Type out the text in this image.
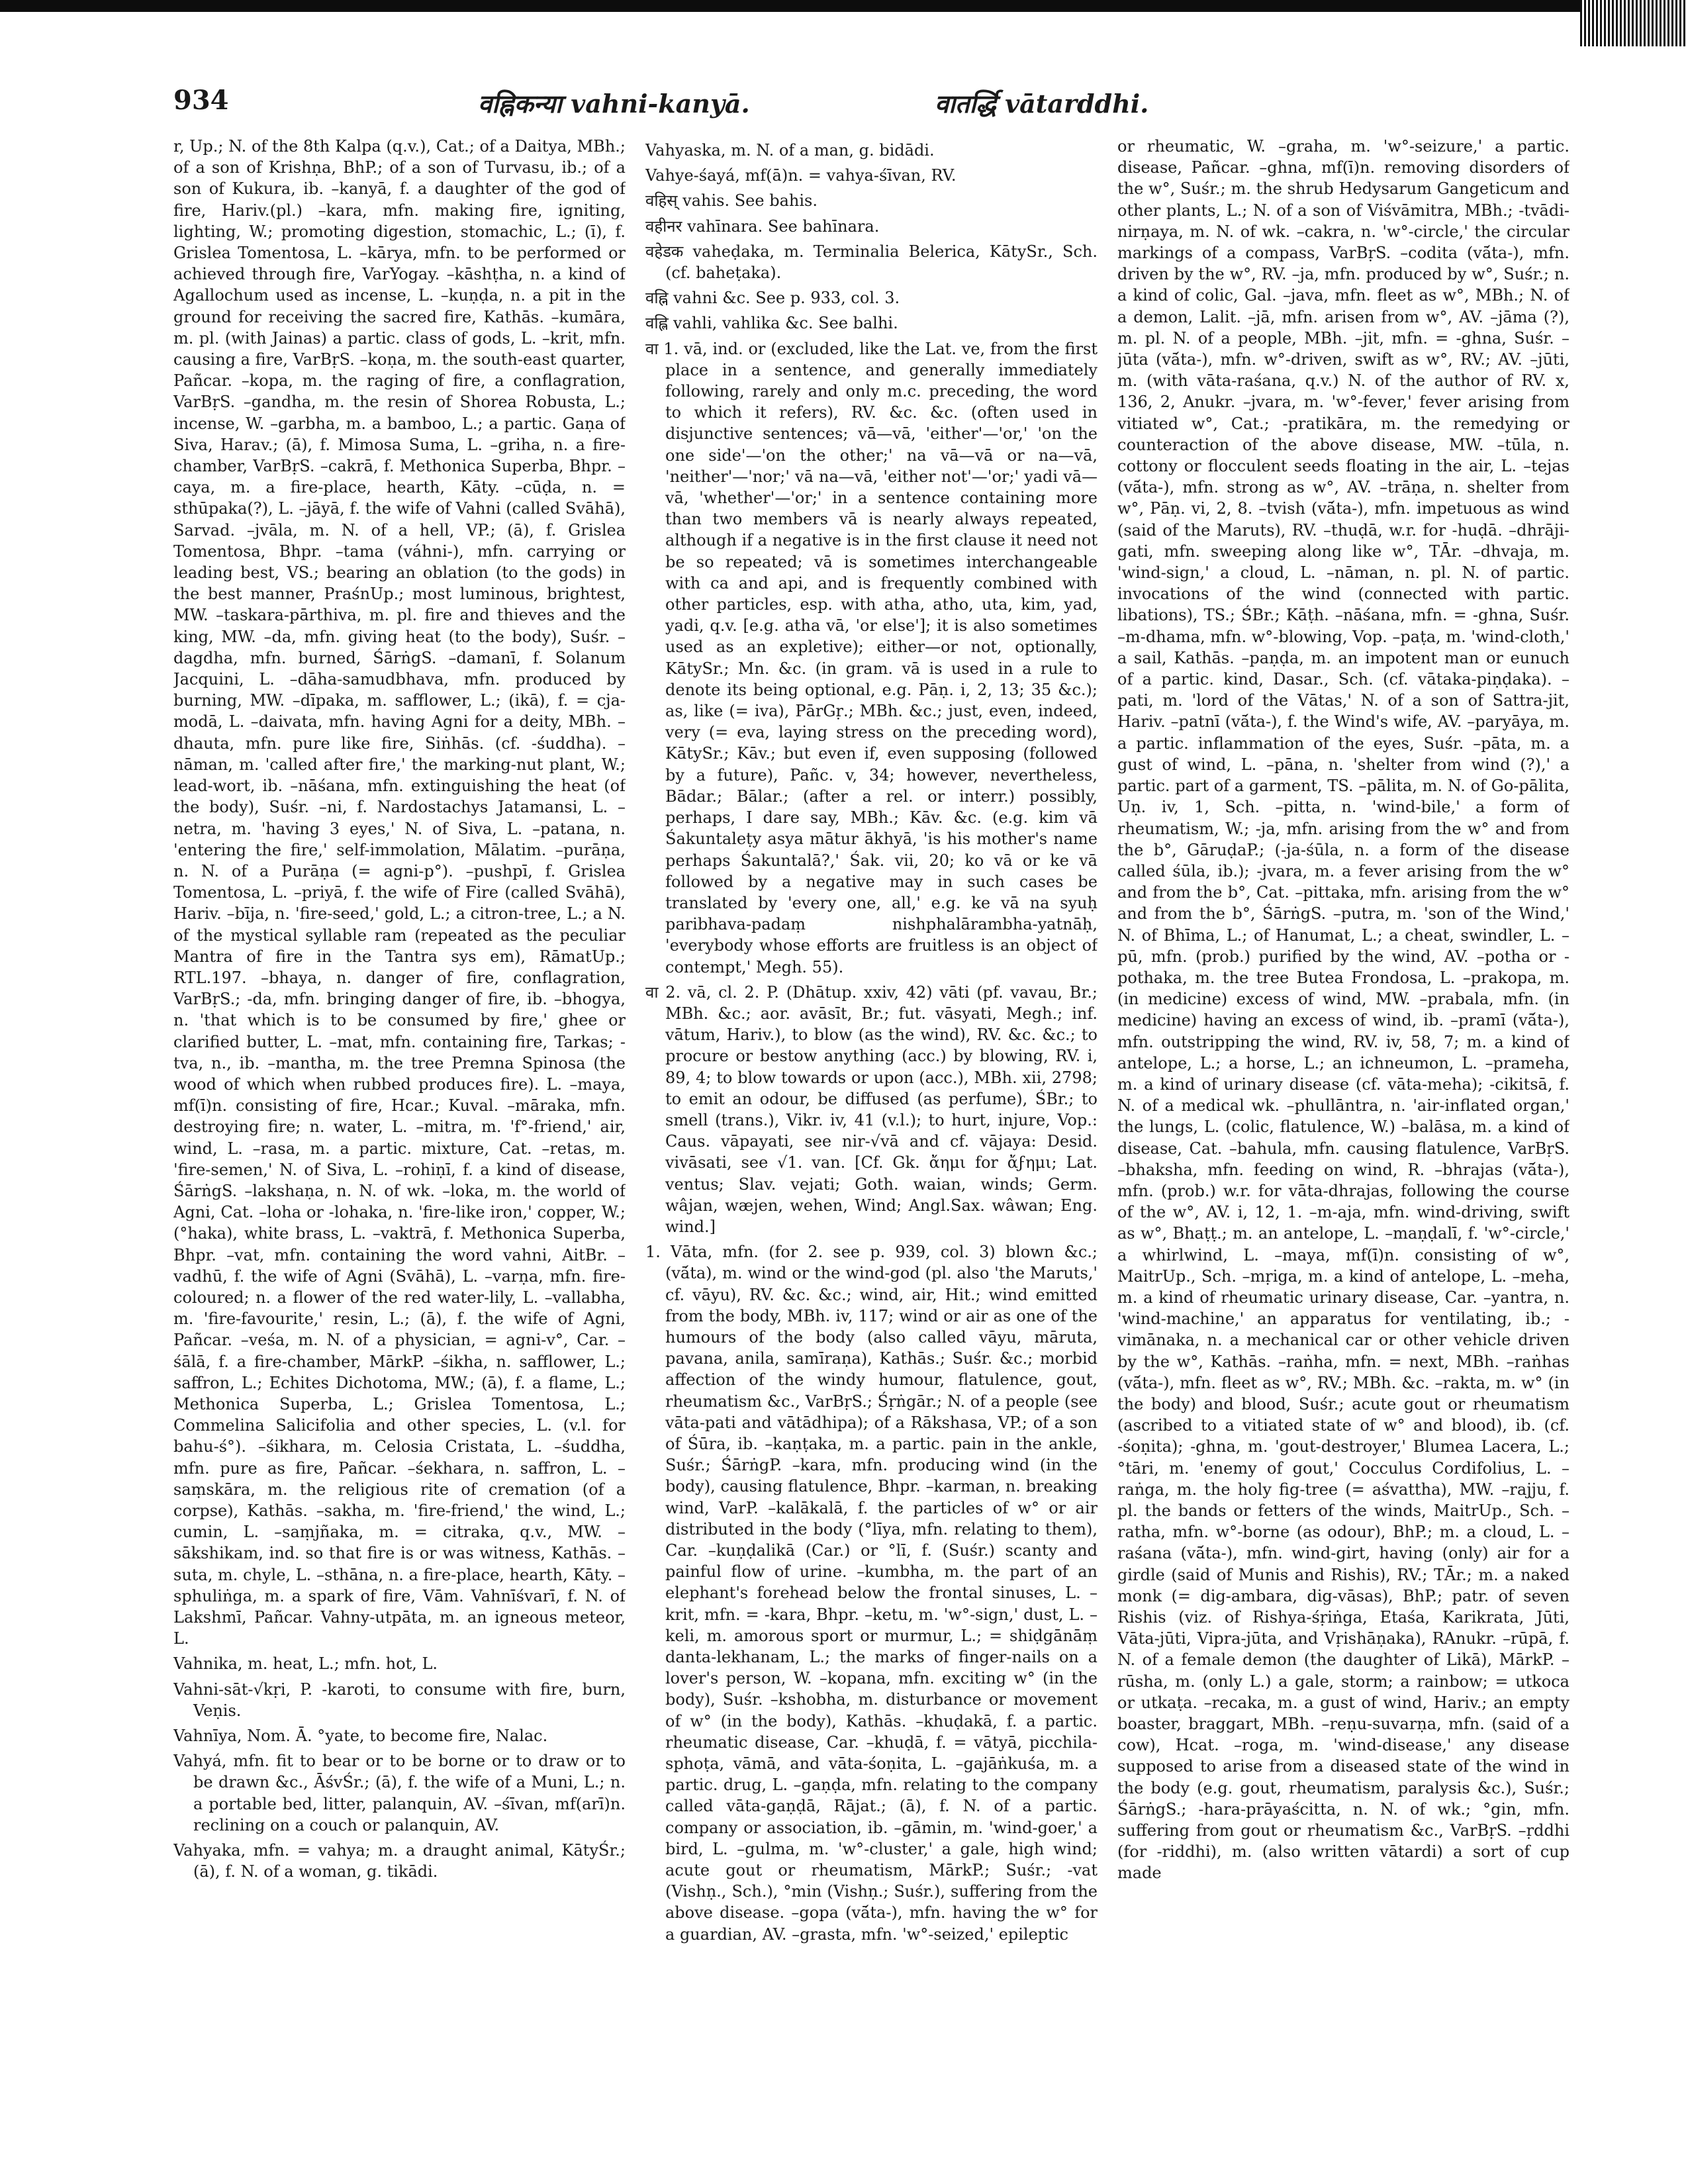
934	वह्निकन्या vahni-kanyā.	वातर्द्धि vātarddhi.

r, Up.; N. of the 8th Kalpa (q.v.), Cat.; of a Daitya, MBh.; of a son of Krishṇa, BhP.; of a son of Turvasu, ib.; of a son of Kukura, ib. –kanyā, f. a daughter of the god of fire, Hariv.(pl.) –kara, mfn. making fire, igniting, lighting, W.; promoting digestion, stomachic, L.; (ī), f. Grislea Tomentosa, L. –kārya, mfn. to be performed or achieved through fire, VarYogay. –kāshṭha, n. a kind of Agallochum used as incense, L. –kuṇḍa, n. a pit in the ground for receiving the sacred fire, Kathās. –kumāra, m. pl. (with Jainas) a partic. class of gods, L. –krit, mfn. causing a fire, VarBṛS. –koṇa, m. the south-east quarter, Pañcar. –kopa, m. the raging of fire, a conflagration, VarBṛS. –gandha, m. the resin of Shorea Robusta, L.; incense, W. –garbha, m. a bamboo, L.; a partic. Gaṇa of Siva, Harav.; (ā), f. Mimosa Suma, L. –griha, n. a fire-chamber, VarBṛS. –cakrā, f. Methonica Superba, Bhpr. –caya, m. a fire-place, hearth, Kāty. –cūḍa, n. = sthūpaka(?), L. –jāyā, f. the wife of Vahni (called Svāhā), Sarvad. –jvāla, m. N. of a hell, VP.; (ā), f. Grislea Tomentosa, Bhpr. –tama (váhni-), mfn. carrying or leading best, VS.; bearing an oblation (to the gods) in the best manner, PraśnUp.; most luminous, brightest, MW. –taskara-pārthiva, m. pl. fire and thieves and the king, MW. –da, mfn. giving heat (to the body), Suśr. –dagdha, mfn. burned, ŚārṅgS. –damanī, f. Solanum Jacquini, L. –dāha-samudbhava, mfn. produced by burning, MW. –dīpaka, m. safflower, L.; (ikā), f. = cja-modā, L. –daivata, mfn. having Agni for a deity, MBh. –dhauta, mfn. pure like fire, Siṅhās. (cf. -śuddha). –nāman, m. 'called after fire,' the marking-nut plant, W.; lead-wort, ib. –nāśana, mfn. extinguishing the heat (of the body), Suśr. –ni, f. Nardostachys Jatamansi, L. –netra, m. 'having 3 eyes,' N. of Siva, L. –patana, n. 'entering the fire,' self-immolation, Mālatim. –purāṇa, n. N. of a Purāṇa (= agni-p°). –pushpī, f. Grislea Tomentosa, L. –priyā, f. the wife of Fire (called Svāhā), Hariv. –bīja, n. 'fire-seed,' gold, L.; a citron-tree, L.; a N. of the mystical syllable ram (repeated as the peculiar Mantra of fire in the Tantra sys em), RāmatUp.; RTL.197. –bhaya, n. danger of fire, conflagration, VarBṛS.; -da, mfn. bringing danger of fire, ib. –bhogya, n. 'that which is to be consumed by fire,' ghee or clarified butter, L. –mat, mfn. containing fire, Tarkas; -tva, n., ib. –mantha, m. the tree Premna Spinosa (the wood of which when rubbed produces fire). L. –maya, mf(ī)n. consisting of fire, Hcar.; Kuval. –māraka, mfn. destroying fire; n. water, L. –mitra, m. 'f°-friend,' air, wind, L. –rasa, m. a partic. mixture, Cat. –retas, m. 'fire-semen,' N. of Siva, L. –rohiṇī, f. a kind of disease, ŚārṅgS. –lakshaṇa, n. N. of wk. –loka, m. the world of Agni, Cat. –loha or -lohaka, n. 'fire-like iron,' copper, W.; (°haka), white brass, L. –vaktrā, f. Methonica Superba, Bhpr. –vat, mfn. containing the word vahni, AitBr. –vadhū, f. the wife of Agni (Svāhā), L. –varṇa, mfn. fire-coloured; n. a flower of the red water-lily, L. –vallabha, m. 'fire-favourite,' resin, L.; (ā), f. the wife of Agni, Pañcar. –veśa, m. N. of a physician, = agni-v°, Car. –śālā, f. a fire-chamber, MārkP. –śikha, n. safflower, L.; saffron, L.; Echites Dichotoma, MW.; (ā), f. a flame, L.; Methonica Superba, L.; Grislea Tomentosa, L.; Commelina Salicifolia and other species, L. (v.l. for bahu-ś°). –śikhara, m. Celosia Cristata, L. –śuddha, mfn. pure as fire, Pañcar. –śekhara, n. saffron, L. –saṃskāra, m. the religious rite of cremation (of a corpse), Kathās. –sakha, m. 'fire-friend,' the wind, L.; cumin, L. –saṃjñaka, m. = citraka, q.v., MW. –sākshikam, ind. so that fire is or was witness, Kathās. –suta, m. chyle, L. –sthāna, n. a fire-place, hearth, Kāty. –sphuliṅga, m. a spark of fire, Vām. Vahnīśvarī, f. N. of Lakshmī, Pañcar. Vahny-utpāta, m. an igneous meteor, L.

Vahnika, m. heat, L.; mfn. hot, L.

Vahni-sāt-√kṛi, P. -karoti, to consume with fire, burn, Veṇis.

Vahnīya, Nom. Ā. °yate, to become fire, Nalac.

Vahyá, mfn. fit to bear or to be borne or to draw or to be drawn &c., ĀśvŚr.; (ā), f. the wife of a Muni, L.; n. a portable bed, litter, palanquin, AV. –śīvan, mf(arī)n. reclining on a couch or palanquin, AV.

Vahyaka, mfn. = vahya; m. a draught animal, KātyŚr.; (ā), f. N. of a woman, g. tikādi.

Vahyaska, m. N. of a man, g. bidādi.

Vahye-śayá, mf(ā)n. = vahya-śīvan, RV.

वहिस् vahis. See bahis.

वहीनर vahīnara. See bahīnara.

वहेडक vaheḍaka, m. Terminalia Belerica, KātySr., Sch. (cf. baheṭaka).

वह्नि vahni &c. See p. 933, col. 3.

वह्लि vahli, vahlika &c. See balhi.

वा 1. vā, ind. or (excluded, like the Lat. ve, from the first place in a sentence, and generally immediately following, rarely and only m.c. preceding, the word to which it refers), RV. &c. &c. (often used in disjunctive sentences; vā—vā, 'either'—'or,' 'on the one side'—'on the other;' na vā—vā or na—vā, 'neither'—'nor;' vā na—vā, 'either not'—'or;' yadi vā—vā, 'whether'—'or;' in a sentence containing more than two members vā is nearly always repeated, although if a negative is in the first clause it need not be so repeated; vā is sometimes interchangeable with ca and api, and is frequently combined with other particles, esp. with atha, atho, uta, kim, yad, yadi, q.v. [e.g. atha vā, 'or else']; it is also sometimes used as an expletive); either—or not, optionally, KātySr.; Mn. &c. (in gram. vā is used in a rule to denote its being optional, e.g. Pāṇ. i, 2, 13; 35 &c.); as, like (= iva), PārGṛ.; MBh. &c.; just, even, indeed, very (= eva, laying stress on the preceding word), KātySr.; Kāv.; but even if, even supposing (followed by a future), Pañc. v, 34; however, nevertheless, Bādar.; Bālar.; (after a rel. or interr.) possibly, perhaps, I dare say, MBh.; Kāv. &c. (e.g. kim vā Śakuntaleṭy asya mātur ākhyā, 'is his mother's name perhaps Śakuntalā?,' Śak. vii, 20; ko vā or ke vā followed by a negative may in such cases be translated by 'every one, all,' e.g. ke vā na syuḥ paribhava-padaṃ nishphalārambha-yatnāḥ, 'everybody whose efforts are fruitless is an object of contempt,' Megh. 55).

वा 2. vā, cl. 2. P. (Dhātup. xxiv, 42) vāti (pf. vavau, Br.; MBh. &c.; aor. avāsīt, Br.; fut. vāsyati, Megh.; inf. vātum, Hariv.), to blow (as the wind), RV. &c. &c.; to procure or bestow anything (acc.) by blowing, RV. i, 89, 4; to blow towards or upon (acc.), MBh. xii, 2798; to emit an odour, be diffused (as perfume), ŚBr.; to smell (trans.), Vikr. iv, 41 (v.l.); to hurt, injure, Vop.: Caus. vāpayati, see nir-√vā and cf. vājaya: Desid. vivāsati, see √1. van. [Cf. Gk. ἄημι for ἄϝημι; Lat. ventus; Slav. vejati; Goth. waian, winds; Germ. wâjan, wæjen, wehen, Wind; Angl.Sax. wâwan; Eng. wind.]

1. Vāta, mfn. (for 2. see p. 939, col. 3) blown &c.; (vā́ta), m. wind or the wind-god (pl. also 'the Maruts,' cf. vāyu), RV. &c. &c.; wind, air, Hit.; wind emitted from the body, MBh. iv, 117; wind or air as one of the humours of the body (also called vāyu, māruta, pavana, anila, samīraṇa), Kathās.; Suśr. &c.; morbid affection of the windy humour, flatulence, gout, rheumatism &c., VarBṛS.; Śṛṅgār.; N. of a people (see vāta-pati and vātādhipa); of a Rākshasa, VP.; of a son of Śūra, ib. –kaṇṭaka, m. a partic. pain in the ankle, Suśr.; ŚārṅgP. –kara, mfn. producing wind (in the body), causing flatulence, Bhpr. –karman, n. breaking wind, VarP. –kalākalā, f. the particles of w° or air distributed in the body (°līya, mfn. relating to them), Car. –kuṇḍalikā (Car.) or °lī, f. (Suśr.) scanty and painful flow of urine. –kumbha, m. the part of an elephant's forehead below the frontal sinuses, L. –krit, mfn. = -kara, Bhpr. –ketu, m. 'w°-sign,' dust, L. –keli, m. amorous sport or murmur, L.; = shiḍgānāṃ danta-lekhanam, L.; the marks of finger-nails on a lover's person, W. –kopana, mfn. exciting w° (in the body), Suśr. –kshobha, m. disturbance or movement of w° (in the body), Kathās. –khuḍakā, f. a partic. rheumatic disease, Car. –khuḍā, f. = vātyā, picchila-sphoṭa, vāmā, and vāta-śoṇita, L. –gajāṅkuśa, m. a partic. drug, L. –gaṇḍa, mfn. relating to the company called vāta-gaṇḍā, Rājat.; (ā), f. N. of a partic. company or association, ib. –gāmin, m. 'wind-goer,' a bird, L. –gulma, m. 'w°-cluster,' a gale, high wind; acute gout or rheumatism, MārkP.; Suśr.; -vat (Vishṇ., Sch.), °min (Vishṇ.; Suśr.), suffering from the above disease. –gopa (vā́ta-), mfn. having the w° for a guardian, AV. –grasta, mfn. 'w°-seized,' epileptic

or rheumatic, W. –graha, m. 'w°-seizure,' a partic. disease, Pañcar. –ghna, mf(ī)n. removing disorders of the w°, Suśr.; m. the shrub Hedysarum Gangeticum and other plants, L.; N. of a son of Viśvāmitra, MBh.; -tvādi-nirṇaya, m. N. of wk. –cakra, n. 'w°-circle,' the circular markings of a compass, VarBṛS. –codita (vā́ta-), mfn. driven by the w°, RV. –ja, mfn. produced by w°, Suśr.; n. a kind of colic, Gal. –java, mfn. fleet as w°, MBh.; N. of a demon, Lalit. –jā, mfn. arisen from w°, AV. –jāma (?), m. pl. N. of a people, MBh. –jit, mfn. = -ghna, Suśr. –jūta (vā́ta-), mfn. w°-driven, swift as w°, RV.; AV. –jūti, m. (with vāta-raśana, q.v.) N. of the author of RV. x, 136, 2, Anukr. –jvara, m. 'w°-fever,' fever arising from vitiated w°, Cat.; -pratikāra, m. the remedying or counteraction of the above disease, MW. –tūla, n. cottony or flocculent seeds floating in the air, L. –tejas (vā́ta-), mfn. strong as w°, AV. –trāṇa, n. shelter from w°, Pāṇ. vi, 2, 8. –tvish (vā́ta-), mfn. impetuous as wind (said of the Maruts), RV. –thuḍā, w.r. for -huḍā. –dhrāji-gati, mfn. sweeping along like w°, TĀr. –dhvaja, m. 'wind-sign,' a cloud, L. –nāman, n. pl. N. of partic. invocations of the wind (connected with partic. libations), TS.; ŚBr.; Kāṭh. –nāśana, mfn. = -ghna, Suśr. –m-dhama, mfn. w°-blowing, Vop. –paṭa, m. 'wind-cloth,' a sail, Kathās. –paṇḍa, m. an impotent man or eunuch of a partic. kind, Dasar., Sch. (cf. vātaka-piṇḍaka). –pati, m. 'lord of the Vātas,' N. of a son of Sattra-jit, Hariv. –patnī (vā́ta-), f. the Wind's wife, AV. –paryāya, m. a partic. inflammation of the eyes, Suśr. –pāta, m. a gust of wind, L. –pāna, n. 'shelter from wind (?),' a partic. part of a garment, TS. –pālita, m. N. of Go-pālita, Uṇ. iv, 1, Sch. –pitta, n. 'wind-bile,' a form of rheumatism, W.; -ja, mfn. arising from the w° and from the b°, GāruḍaP.; (-ja-śūla, n. a form of the disease called śūla, ib.); -jvara, m. a fever arising from the w° and from the b°, Cat. –pittaka, mfn. arising from the w° and from the b°, ŚārṅgS. –putra, m. 'son of the Wind,' N. of Bhīma, L.; of Hanumat, L.; a cheat, swindler, L. –pū, mfn. (prob.) purified by the wind, AV. –potha or -pothaka, m. the tree Butea Frondosa, L. –prakopa, m. (in medicine) excess of wind, MW. –prabala, mfn. (in medicine) having an excess of wind, ib. –pramī (vā́ta-), mfn. outstripping the wind, RV. iv, 58, 7; m. a kind of antelope, L.; a horse, L.; an ichneumon, L. –prameha, m. a kind of urinary disease (cf. vāta-meha); -cikitsā, f. N. of a medical wk. –phullāntra, n. 'air-inflated organ,' the lungs, L. (colic, flatulence, W.) –balāsa, m. a kind of disease, Cat. –bahula, mfn. causing flatulence, VarBṛS. –bhaksha, mfn. feeding on wind, R. –bhrajas (vā́ta-), mfn. (prob.) w.r. for vāta-dhrajas, following the course of the w°, AV. i, 12, 1. –m-aja, mfn. wind-driving, swift as w°, Bhaṭṭ.; m. an antelope, L. –maṇḍalī, f. 'w°-circle,' a whirlwind, L. –maya, mf(ī)n. consisting of w°, MaitrUp., Sch. –mṛiga, m. a kind of antelope, L. –meha, m. a kind of rheumatic urinary disease, Car. –yantra, n. 'wind-machine,' an apparatus for ventilating, ib.; -vimānaka, n. a mechanical car or other vehicle driven by the w°, Kathās. –raṅha, mfn. = next, MBh. –raṅhas (vā́ta-), mfn. fleet as w°, RV.; MBh. &c. –rakta, m. w° (in the body) and blood, Suśr.; acute gout or rheumatism (ascribed to a vitiated state of w° and blood), ib. (cf. -śoṇita); -ghna, m. 'gout-destroyer,' Blumea Lacera, L.; °tāri, m. 'enemy of gout,' Cocculus Cordifolius, L. –raṅga, m. the holy fig-tree (= aśvattha), MW. –rajju, f. pl. the bands or fetters of the winds, MaitrUp., Sch. –ratha, mfn. w°-borne (as odour), BhP.; m. a cloud, L. –raśana (vā́ta-), mfn. wind-girt, having (only) air for a girdle (said of Munis and Rishis), RV.; TĀr.; m. a naked monk (= dig-ambara, dig-vāsas), BhP.; patr. of seven Rishis (viz. of Rishya-śṛiṅga, Etaśa, Karikrata, Jūti, Vāta-jūti, Vipra-jūta, and Vṛishāṇaka), RAnukr. –rūpā, f. N. of a female demon (the daughter of Likā), MārkP. –rūsha, m. (only L.) a gale, storm; a rainbow; = utkoca or utkaṭa. –recaka, m. a gust of wind, Hariv.; an empty boaster, braggart, MBh. –reṇu-suvarṇa, mfn. (said of a cow), Hcat. –roga, m. 'wind-disease,' any disease supposed to arise from a diseased state of the wind in the body (e.g. gout, rheumatism, paralysis &c.), Suśr.; ŚārṅgS.; -hara-prāyaścitta, n. N. of wk.; °gin, mfn. suffering from gout or rheumatism &c., VarBṛS. –ṛddhi (for -riddhi), m. (also written vātardi) a sort of cup made
